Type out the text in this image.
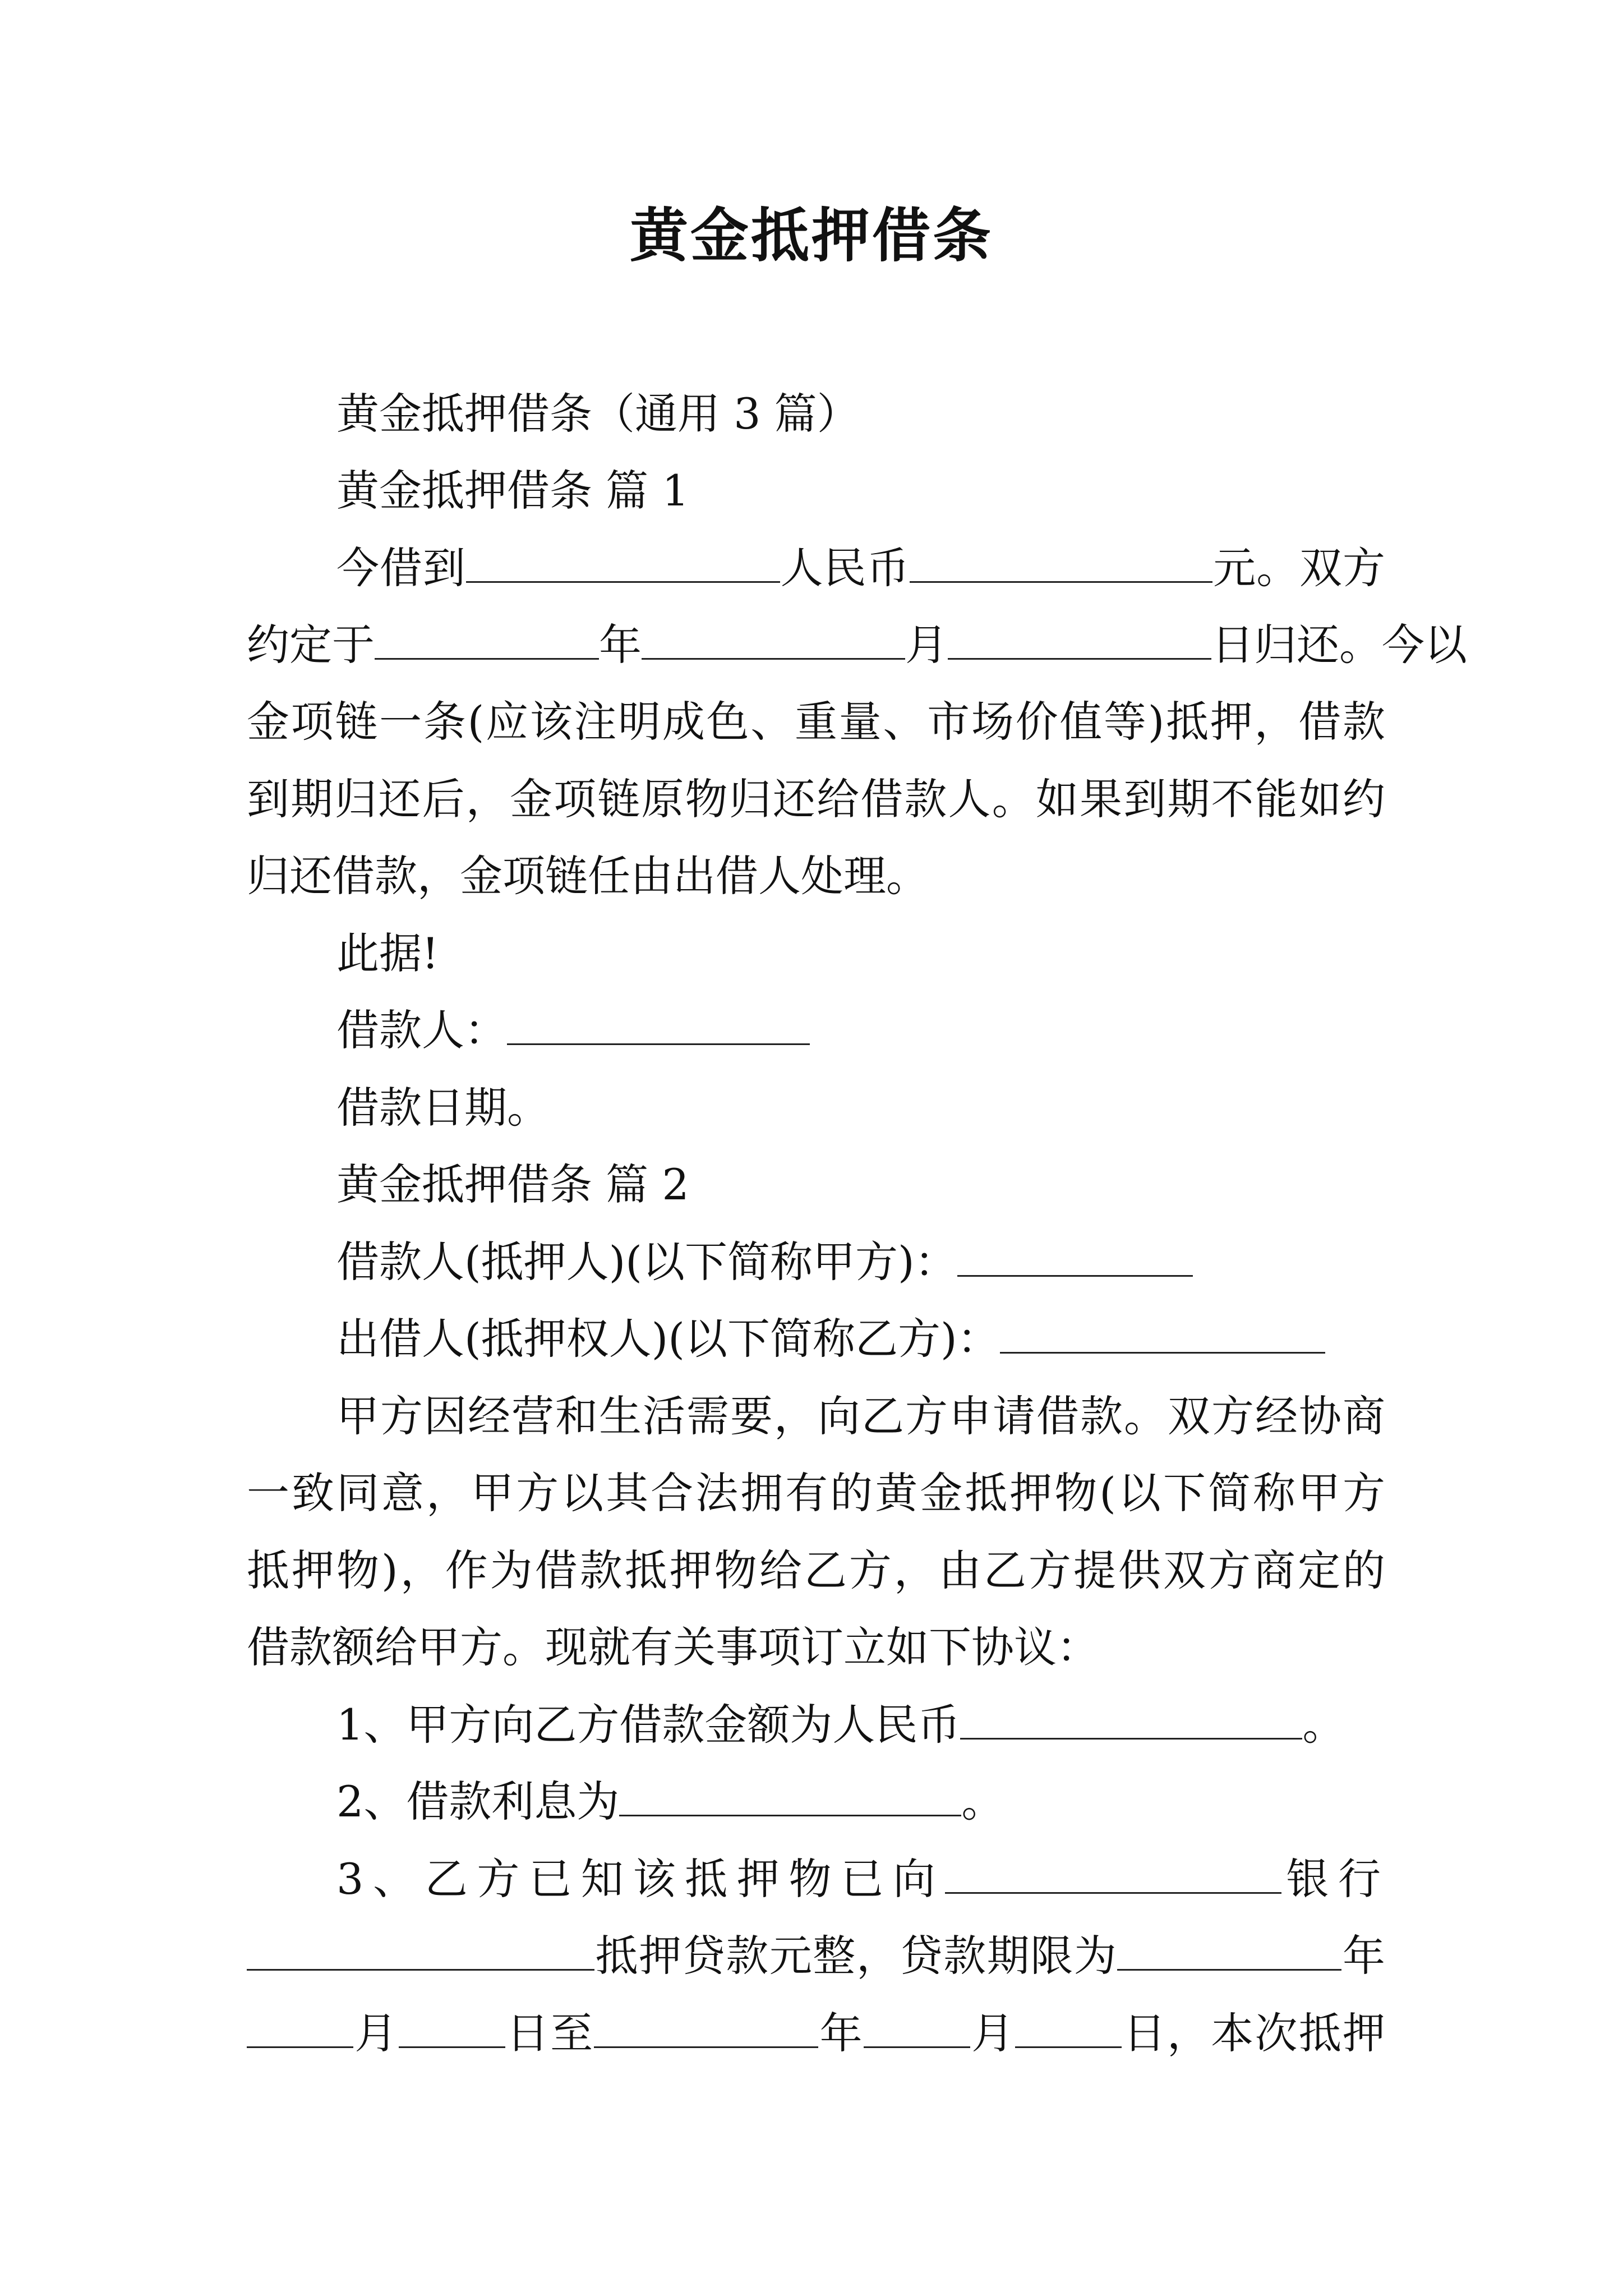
黄金抵押借条
黄金抵押借条（通用 3 篇）
黄金抵押借条 篇 1
今借到	人民币	元。双方
约定于	年	月	日归还。今以
金项链一条(应该注明成色、重量、市场价值等)抵押，借款
到期归还后，金项链原物归还给借款人。如果到期不能如约
归还借款，金项链任由出借人处理。
此据!
借款人：
借款日期。
黄金抵押借条 篇 2
借款人(抵押人)(以下简称甲方)：
出借人(抵押权人)(以下简称乙方)：
甲方因经营和生活需要，向乙方申请借款。双方经协商
一致同意，甲方以其合法拥有的黄金抵押物(以下简称甲方
抵押物)，作为借款抵押物给乙方，由乙方提供双方商定的
借款额给甲方。现就有关事项订立如下协议：
1、甲方向乙方借款金额为人民币	。
2、借款利息为	。
3、乙方已知该抵押物已向	银行
抵押贷款元整，贷款期限为	年
月	日至	年	月	日，本次抵押
